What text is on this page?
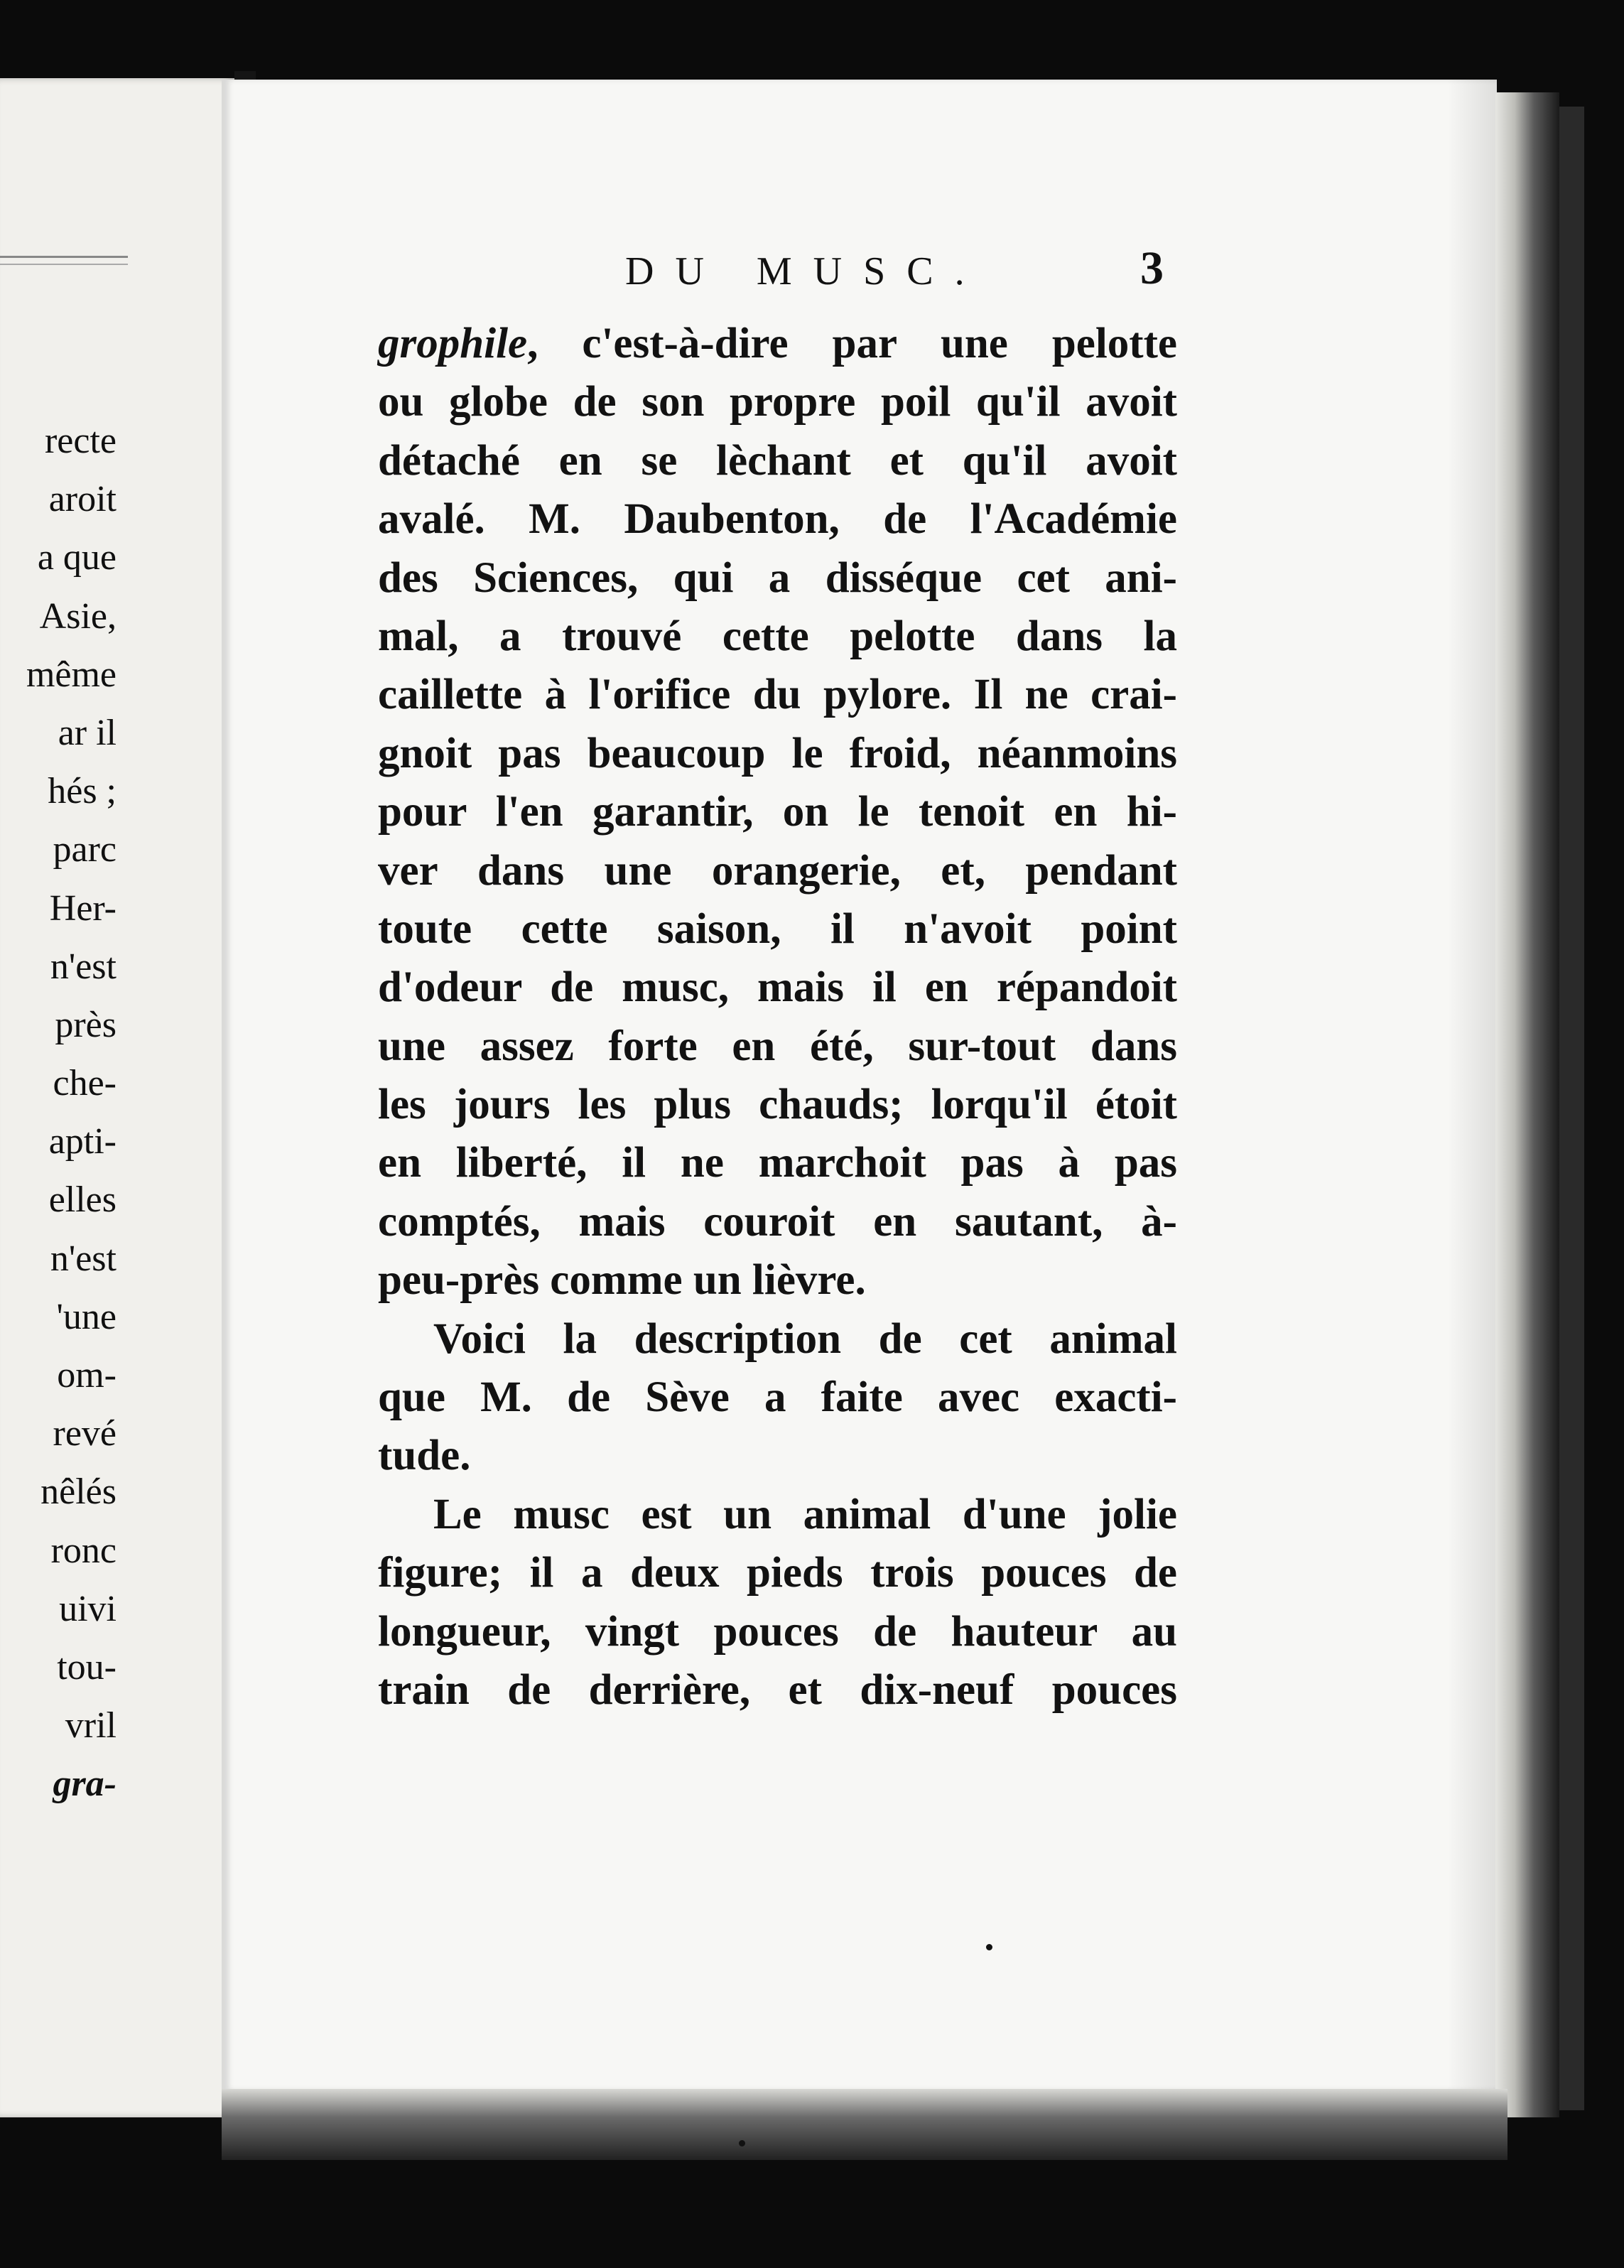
recte
aroit
a que
Asie,
même
ar il
hés ;
parc
Her-
n'est
près
che-
apti-
elles
n'est
'une
om-
revé
nêlés
ronc
uivi
tou-
vril
gra-
DU MUSC.	3
grophile, c'est-à-dire par une pelotte
ou globe de son propre poil qu'il avoit
détaché en se lèchant et qu'il avoit
avalé. M. Daubenton, de l'Académie
des Sciences, qui a disséque cet ani-
mal, a trouvé cette pelotte dans la
caillette à l'orifice du pylore. Il ne crai-
gnoit pas beaucoup le froid, néanmoins
pour l'en garantir, on le tenoit en hi-
ver dans une orangerie, et, pendant
toute cette saison, il n'avoit point
d'odeur de musc, mais il en répandoit
une assez forte en été, sur-tout dans
les jours les plus chauds; lorqu'il étoit
en liberté, il ne marchoit pas à pas
comptés, mais couroit en sautant, à-
peu-près comme un lièvre.
Voici la description de cet animal
que M. de Sève a faite avec exacti-
tude.
Le musc est un animal d'une jolie
figure; il a deux pieds trois pouces de
longueur, vingt pouces de hauteur au
train de derrière, et dix-neuf pouces
